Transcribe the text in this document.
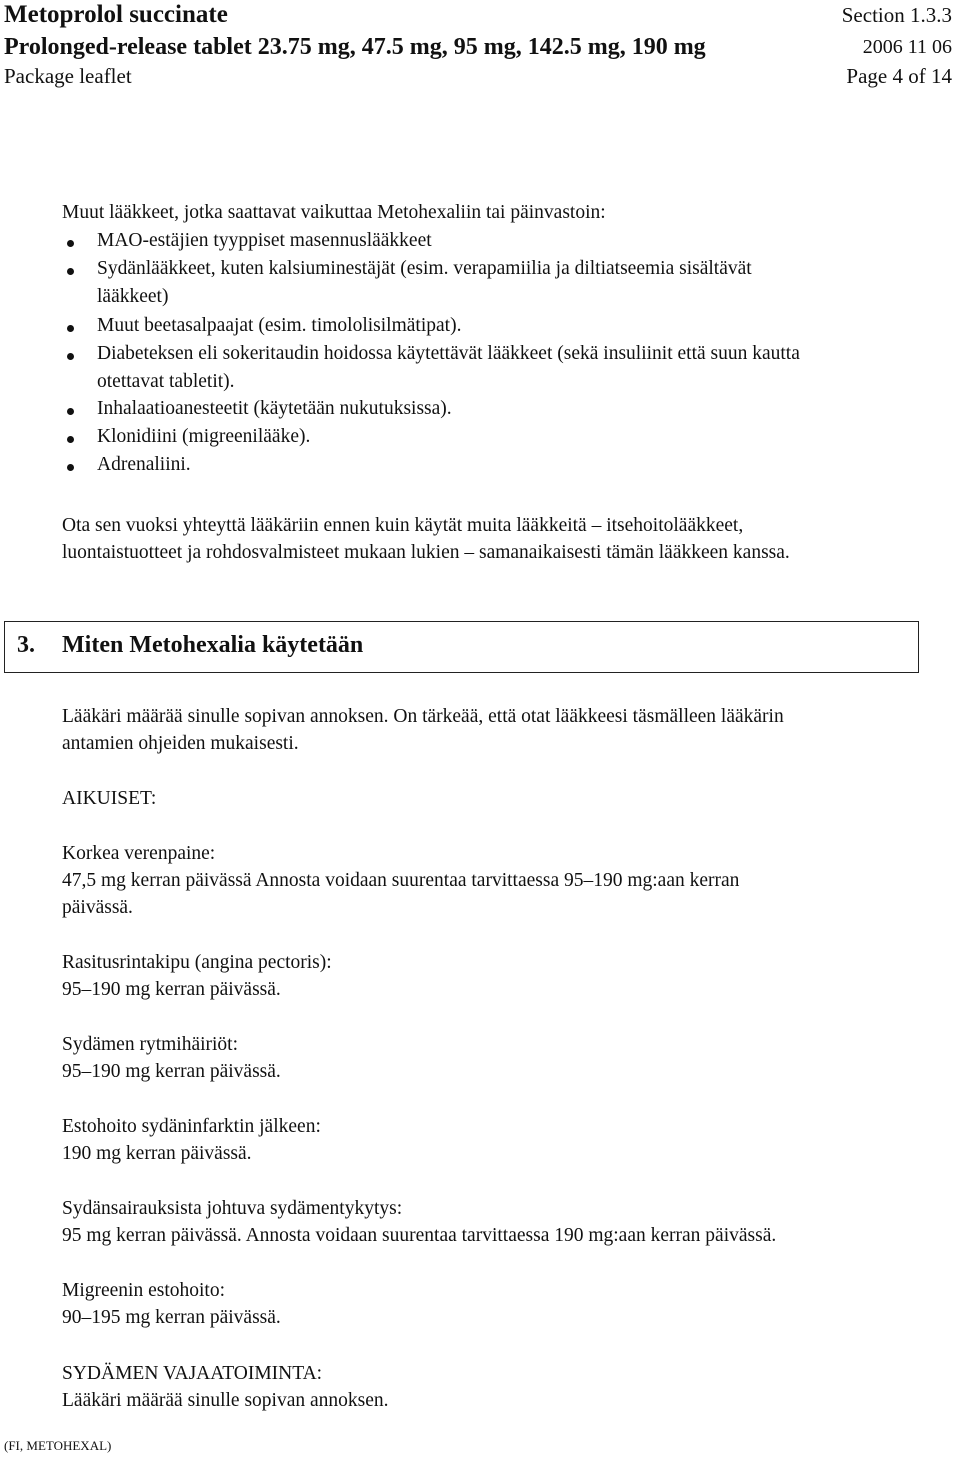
Metoprolol succinate	Section 1.3.3
Prolonged-release tablet 23.75 mg, 47.5 mg, 95 mg, 142.5 mg, 190 mg	2006 11 06
Package leaflet	Page 4 of 14
Muut lääkkeet, jotka saattavat vaikuttaa Metohexaliin tai päinvastoin:
MAO-estäjien tyyppiset masennuslääkkeet
Sydänlääkkeet, kuten kalsiuminestäjät (esim. verapamiilia ja diltiatseemia sisältävät
lääkkeet)
Muut beetasalpaajat (esim. timololisilmätipat).
Diabeteksen eli sokeritaudin hoidossa käytettävät lääkkeet (sekä insuliinit että suun kautta
otettavat tabletit).
Inhalaatioanesteetit (käytetään nukutuksissa).
Klonidiini (migreenilääke).
Adrenaliini.
Ota sen vuoksi yhteyttä lääkäriin ennen kuin käytät muita lääkkeitä – itsehoitolääkkeet,
luontaistuotteet ja rohdosvalmisteet mukaan lukien – samanaikaisesti tämän lääkkeen kanssa.
3. Miten Metohexalia käytetään
Lääkäri määrää sinulle sopivan annoksen. On tärkeää, että otat lääkkeesi täsmälleen lääkärin
antamien ohjeiden mukaisesti.
AIKUISET:
Korkea verenpaine:
47,5 mg kerran päivässä Annosta voidaan suurentaa tarvittaessa 95–190 mg:aan kerran
päivässä.
Rasitusrintakipu (angina pectoris):
95–190 mg kerran päivässä.
Sydämen rytmihäiriöt:
95–190 mg kerran päivässä.
Estohoito sydäninfarktin jälkeen:
190 mg kerran päivässä.
Sydänsairauksista johtuva sydämentykytys:
95 mg kerran päivässä. Annosta voidaan suurentaa tarvittaessa 190 mg:aan kerran päivässä.
Migreenin estohoito:
90–195 mg kerran päivässä.
SYDÄMEN VAJAATOIMINTA:
Lääkäri määrää sinulle sopivan annoksen.
(FI, METOHEXAL)
